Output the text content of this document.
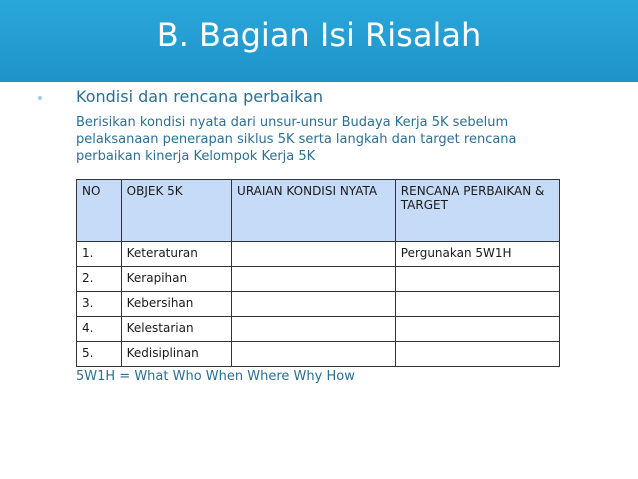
B. Bagian Isi Risalah
Kondisi dan rencana perbaikan
Berisikan kondisi nyata dari unsur-unsur Budaya Kerja 5K sebelum pelaksanaan penerapan siklus 5K serta langkah dan target rencana perbaikan kinerja Kelompok Kerja 5K
NO	OBJEK 5K	URAIAN KONDISI NYATA	RENCANA PERBAIKAN & TARGET
1.	Keteraturan		Pergunakan 5W1H
2.	Kerapihan		
3.	Kebersihan		
4.	Kelestarian		
5.	Kedisiplinan		
5W1H = What Who When Where Why How
